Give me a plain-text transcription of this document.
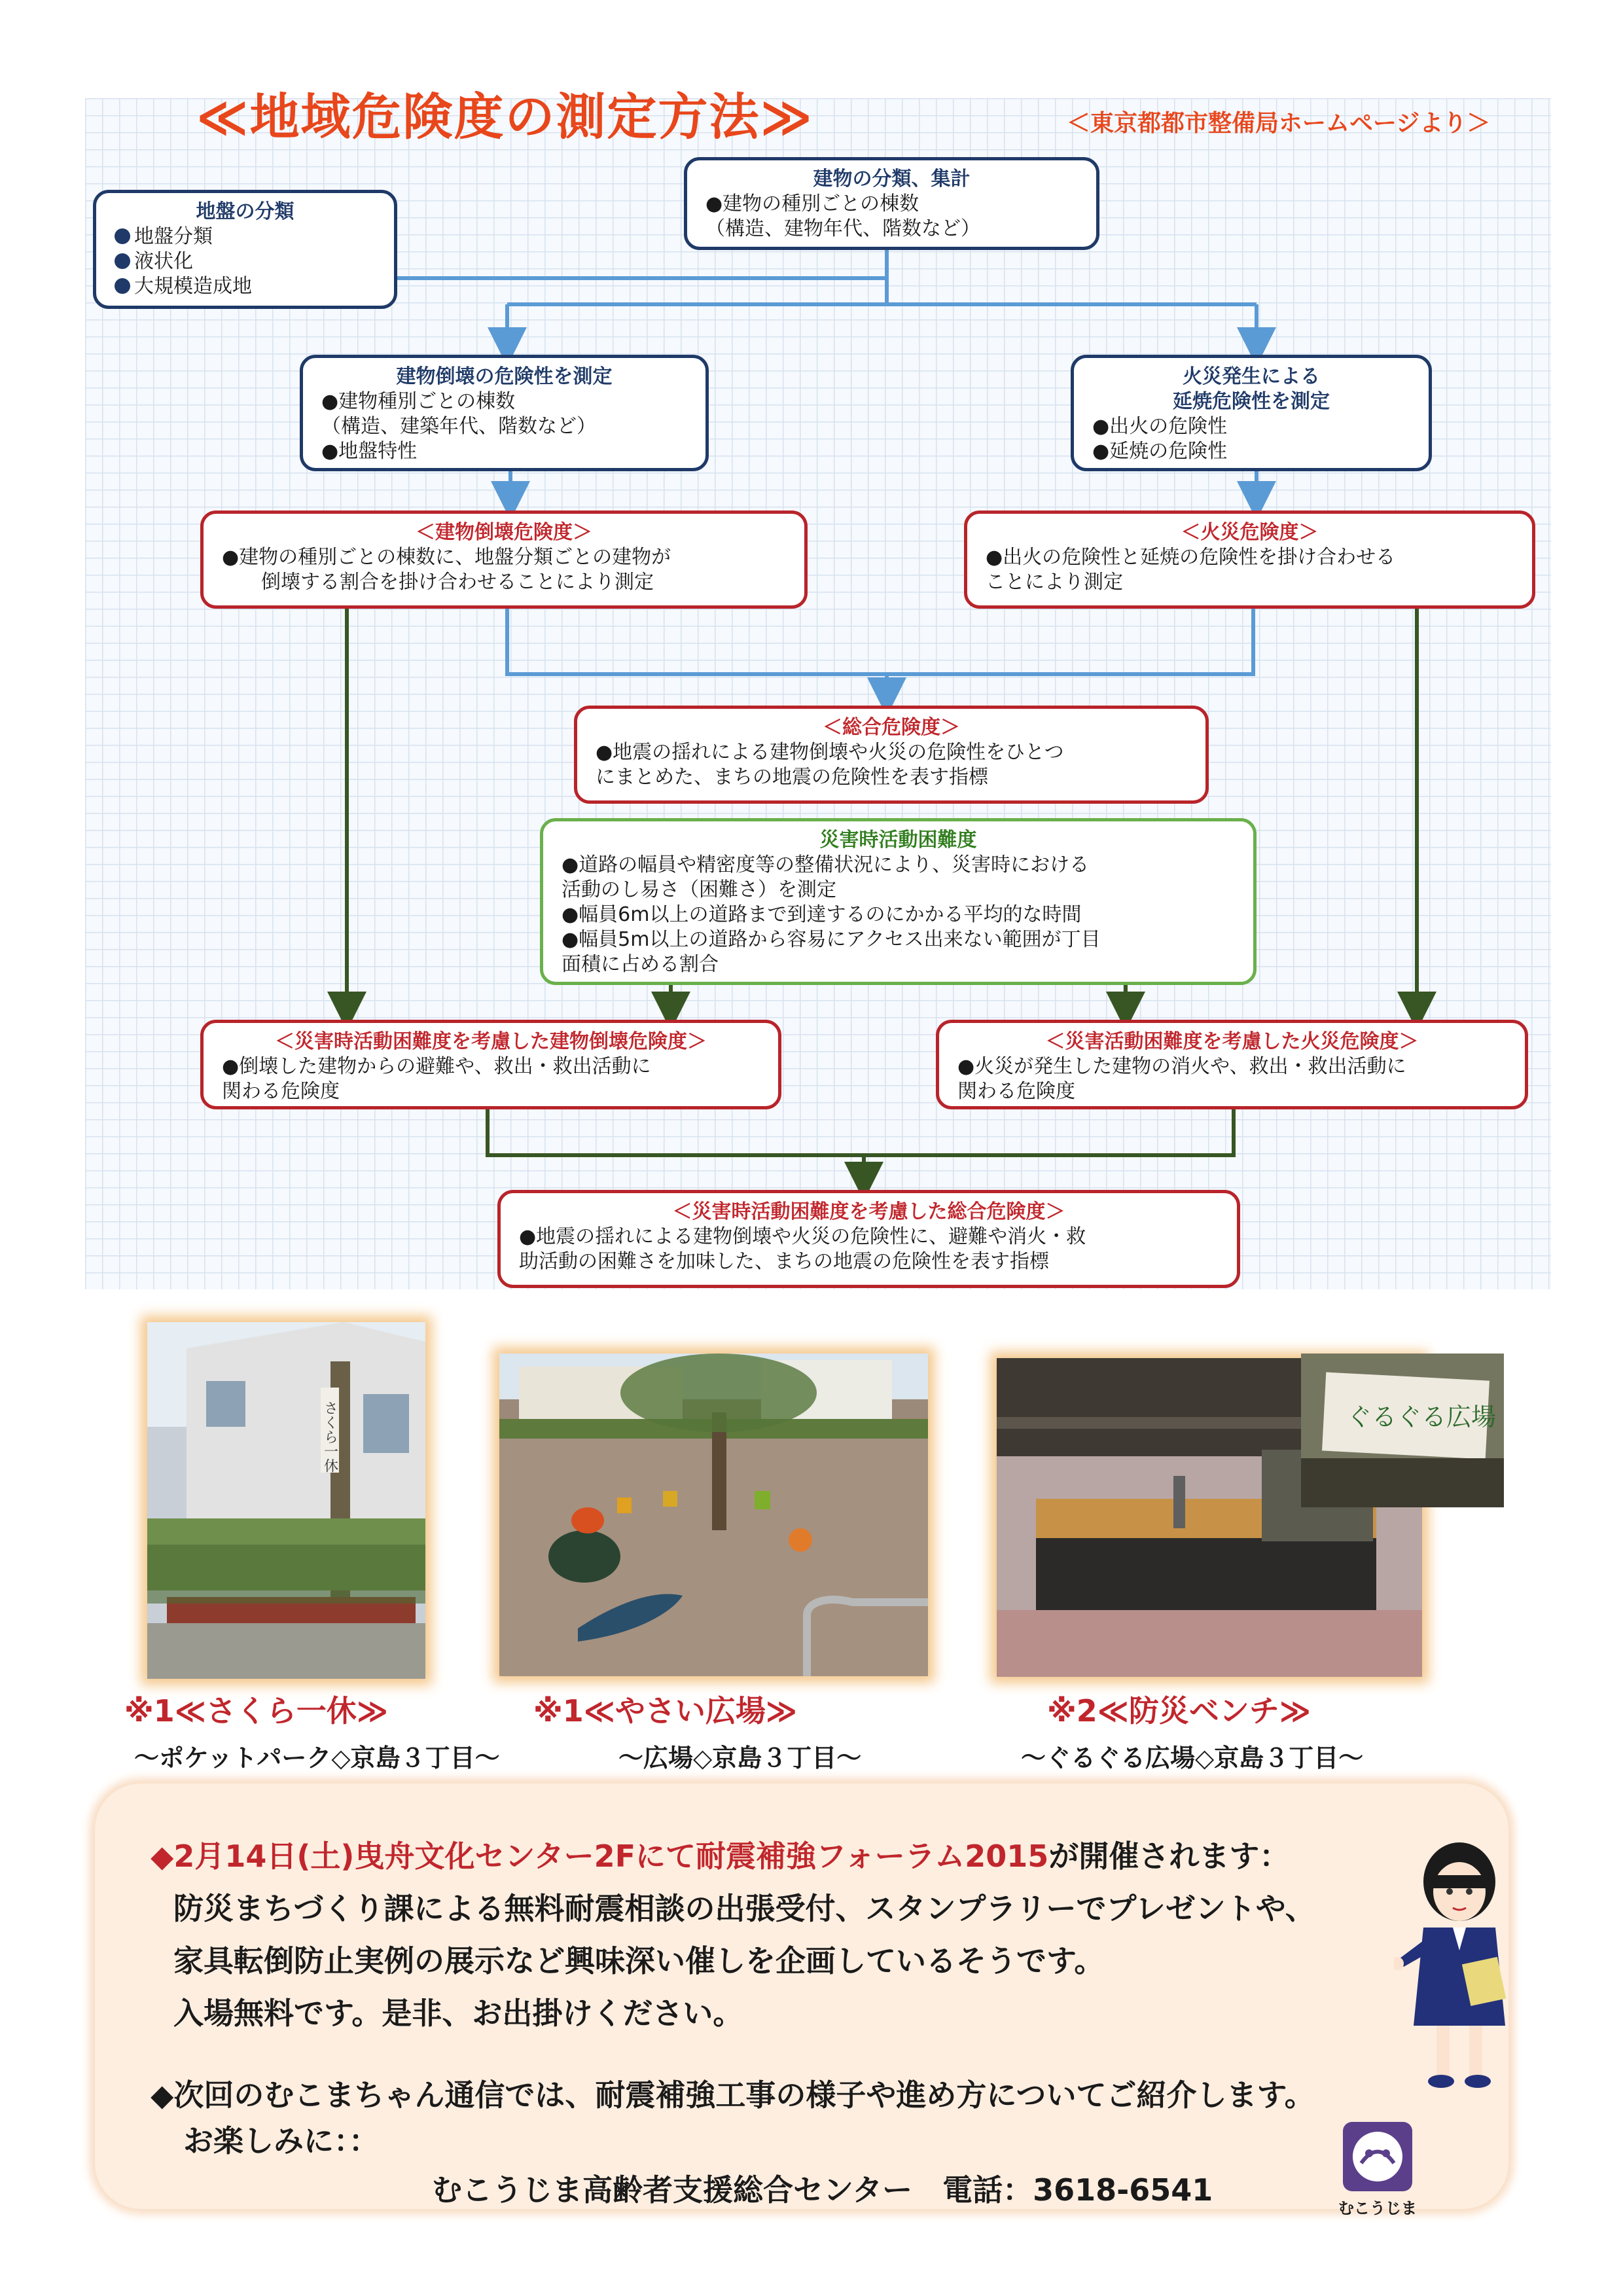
≪地域危険度の測定方法≫	＜東京都都市整備局ホームページより＞
地盤の分類
地盤分類
液状化
大規模造成地
建物の分類、集計
●建物の種別ごとの棟数
（構造、建物年代、階数など）
建物倒壊の危険性を測定
●建物種別ごとの棟数
（構造、建築年代、階数など）
●地盤特性
火災発生による
延焼危険性を測定
●出火の危険性
●延焼の危険性
＜建物倒壊危険度＞
●建物の種別ごとの棟数に、地盤分類ごとの建物が
倒壊する割合を掛け合わせることにより測定
＜火災危険度＞
●出火の危険性と延焼の危険性を掛け合わせる
ことにより測定
＜総合危険度＞
●地震の揺れによる建物倒壊や火災の危険性をひとつ
にまとめた、まちの地震の危険性を表す指標
災害時活動困難度
●道路の幅員や精密度等の整備状況により、災害時における
活動のし易さ（困難さ）を測定
●幅員6m以上の道路まで到達するのにかかる平均的な時間
●幅員5m以上の道路から容易にアクセス出来ない範囲が丁目
面積に占める割合
＜災害時活動困難度を考慮した建物倒壊危険度＞
●倒壊した建物からの避難や、救出・救出活動に
関わる危険度
＜災害活動困難度を考慮した火災危険度＞
●火災が発生した建物の消火や、救出・救出活動に
関わる危険度
＜災害時活動困難度を考慮した総合危険度＞
●地震の揺れによる建物倒壊や火災の危険性に、避難や消火・救
助活動の困難さを加味した、まちの地震の危険性を表す指標
さくら一休	ぐるぐる広場
※1≪さくら一休≫
～ポケットパーク◇京島３丁目～
※1≪やさい広場≫
～広場◇京島３丁目～
※2≪防災ベンチ≫
～ぐるぐる広場◇京島３丁目～
◆2月14日(土)曳舟文化センター2Fにて耐震補強フォーラム2015が開催されます：
防災まちづくり課による無料耐震相談の出張受付、スタンプラリーでプレゼントや、
家具転倒防止実例の展示など興味深い催しを企画しているそうです。
入場無料です。是非、お出掛けください。
◆次回のむこまちゃん通信では、耐震補強工事の様子や進め方についてご紹介します。
お楽しみに：：
むこうじま高齢者支援総合センター　電話：3618-6541
むこうじま
